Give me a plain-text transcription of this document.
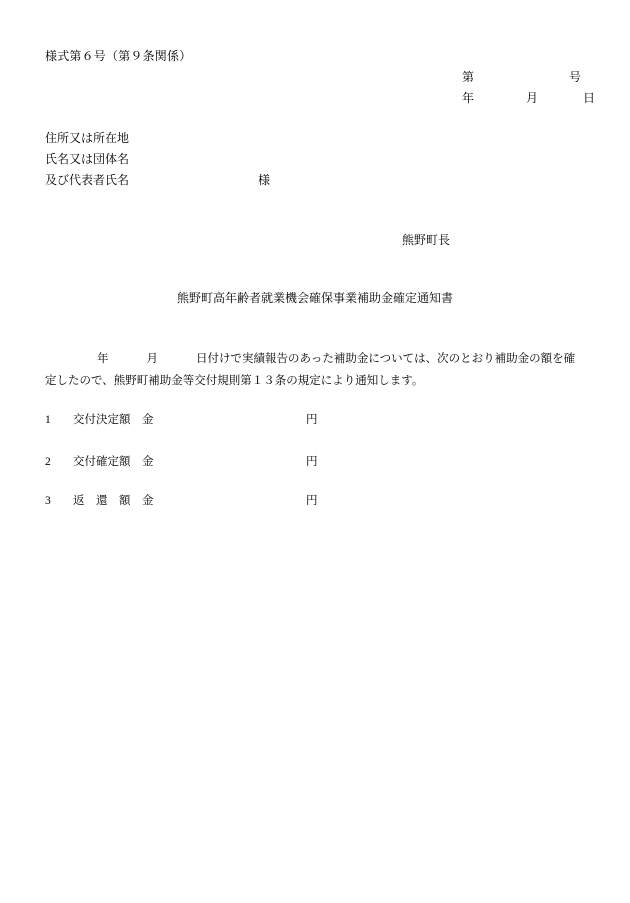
様式第６号（第９条関係）
第	号
年	月	日
住所又は所在地
氏名又は団体名
及び代表者氏名	様
熊野町長
熊野町高年齢者就業機会確保事業補助金確定通知書
年	月	日付けで実績報告のあった補助金については、次のとおり補助金の額を確
定したので、熊野町補助金等交付規則第１３条の規定により通知します。
1 交付決定額　金	円
2 交付確定額　金	円
3 返　還　額　金	円
